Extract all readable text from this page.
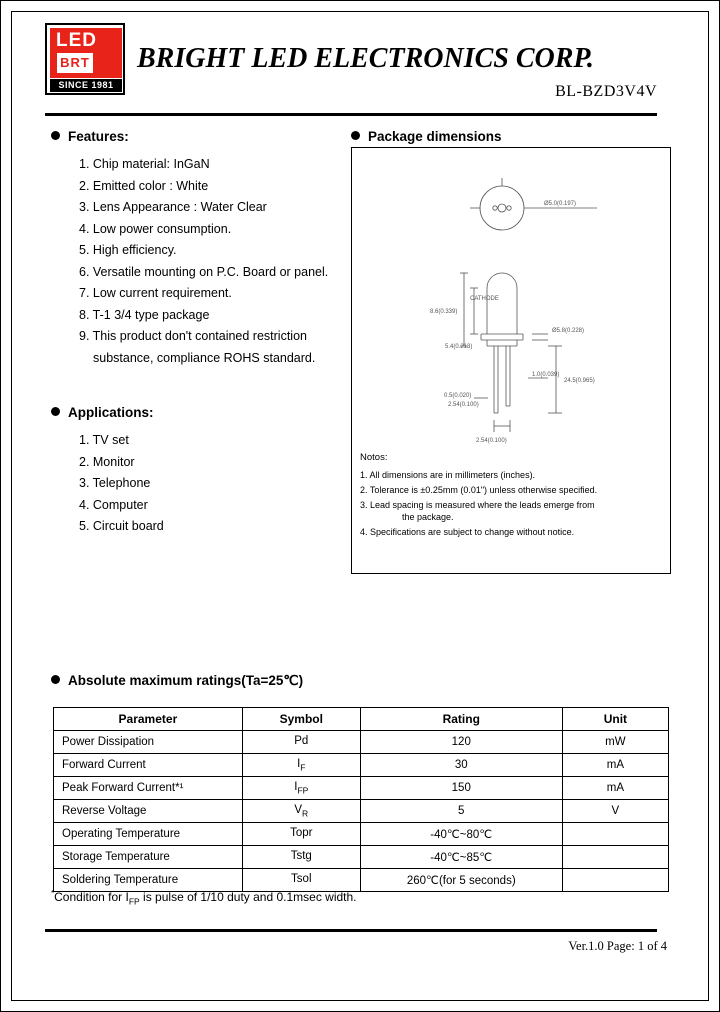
LED
BRT
SINCE 1981
BRIGHT LED ELECTRONICS CORP.
BL-BZD3V4V
Features:
1. Chip material: InGaN
2. Emitted color : White
3. Lens Appearance : Water Clear
4. Low power consumption.
5. High efficiency.
6. Versatile mounting on P.C. Board or panel.
7. Low current requirement.
8. T-1 3/4 type package
9. This product don't contained restriction
substance, compliance ROHS standard.
Applications:
1. TV set
2. Monitor
3. Telephone
4. Computer
5. Circuit board
Package dimensions
Ø5.0(0.197)
8.6(0.339)
5.4(0.213)
Ø5.8(0.228)
1.0(0.039)
24.5(0.965)
0.5(0.020)
2.54(0.100)
2.54(0.100)
CATHODE
Notos:
1. All dimensions are in millimeters (inches).
2. Tolerance is ±0.25mm (0.01") unless otherwise specified.
3. Lead spacing is measured where the leads emerge from
the package.
4. Specifications are subject to change without notice.
Absolute maximum ratings(Ta=25℃)
Parameter	Symbol	Rating	Unit
Power Dissipation	Pd	120	mW
Forward Current	$I_F$	30	mA
Peak Forward Current*¹	$I_{FP}$	150	mA
Reverse Voltage	$V_R$	5	V
Operating Temperature	Topr	-40℃~80℃	
Storage Temperature	Tstg	-40℃~85℃	
Soldering Temperature	Tsol	260℃(for 5 seconds)	
*Condition for $I_{FP}$ is pulse of 1/10 duty and 0.1msec width.
Ver.1.0 Page: 1 of 4
